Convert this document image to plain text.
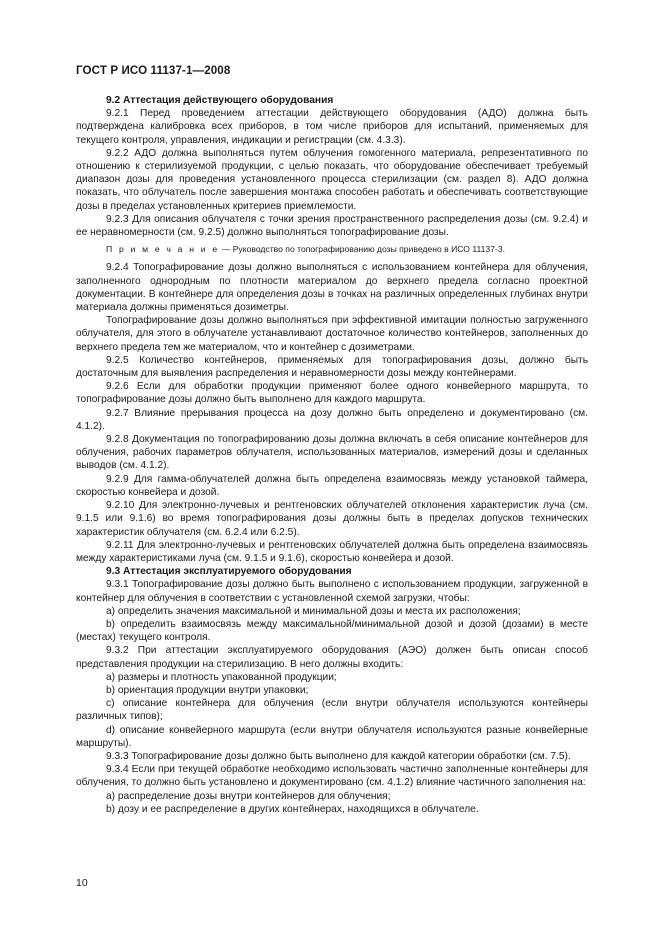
ГОСТ Р ИСО 11137-1—2008

9.2 Аттестация действующего оборудования

9.2.1 Перед проведением аттестации действующего оборудования (АДО) должна быть подтверждена калибровка всех приборов, в том числе приборов для испытаний, применяемых для текущего контроля, управления, индикации и регистрации (см. 4.3.3).

9.2.2 АДО должна выполняться путем облучения гомогенного материала, репрезентативного по отношению к стерилизуемой продукции, с целью показать, что оборудование обеспечивает требуемый диапазон дозы для проведения установленного процесса стерилизации (см. раздел 8). АДО должна показать, что облучатель после завершения монтажа способен работать и обеспечивать соответствующие дозы в пределах установленных критериев приемлемости.

9.2.3 Для описания облучателя с точки зрения пространственного распределения дозы (см. 9.2.4) и ее неравномерности (см. 9.2.5) должно выполняться топографирование дозы.

П р и м е ч а н и е — Руководство по топографированию дозы приведено в ИСО 11137-3.

9.2.4 Топографирование дозы должно выполняться с использованием контейнера для облучения, заполненного однородным по плотности материалом до верхнего предела согласно проектной документации. В контейнере для определения дозы в точках на различных определенных глубинах внутри материала должны применяться дозиметры.

Топографирование дозы должно выполняться при эффективной имитации полностью загруженного облучателя, для этого в облучателе устанавливают достаточное количество контейнеров, заполненных до верхнего предела тем же материалом, что и контейнер с дозиметрами.

9.2.5 Количество контейнеров, применяемых для топографирования дозы, должно быть достаточным для выявления распределения и неравномерности дозы между контейнерами.

9.2.6 Если для обработки продукции применяют более одного конвейерного маршрута, то топографирование дозы должно быть выполнено для каждого маршрута.

9.2.7 Влияние прерывания процесса на дозу должно быть определено и документировано (см. 4.1.2).

9.2.8 Документация по топографированию дозы должна включать в себя описание контейнеров для облучения, рабочих параметров облучателя, использованных материалов, измерений дозы и сделанных выводов (см. 4.1.2).

9.2.9 Для гамма-облучателей должна быть определена взаимосвязь между установкой таймера, скоростью конвейера и дозой.

9.2.10 Для электронно-лучевых и рентгеновских облучателей отклонения характеристик луча (см. 9.1.5 или 9.1.6) во время топографирования дозы должны быть в пределах допусков технических характеристик облучателя (см. 6.2.4 или 6.2.5).

9.2.11 Для электронно-лучевых и рентгеновских облучателей должна быть определена взаимосвязь между характеристиками луча (см. 9.1.5 и 9.1.6), скоростью конвейера и дозой.

9.3 Аттестация эксплуатируемого оборудования

9.3.1 Топографирование дозы должно быть выполнено с использованием продукции, загруженной в контейнер для облучения в соответствии с установленной схемой загрузки, чтобы:

a) определить значения максимальной и минимальной дозы и места их расположения;

b) определить взаимосвязь между максимальной/минимальной дозой и дозой (дозами) в месте (местах) текущего контроля.

9.3.2 При аттестации эксплуатируемого оборудования (АЭО) должен быть описан способ представления продукции на стерилизацию. В него должны входить:

a) размеры и плотность упакованной продукции;

b) ориентация продукции внутри упаковки;

c) описание контейнера для облучения (если внутри облучателя используются контейнеры различных типов);

d) описание конвейерного маршрута (если внутри облучателя используются разные конвейерные маршруты).

9.3.3 Топографирование дозы должно быть выполнено для каждой категории обработки (см. 7.5).

9.3.4 Если при текущей обработке необходимо использовать частично заполненные контейнеры для облучения, то должно быть установлено и документировано (см. 4.1.2) влияние частичного заполнения на:

a) распределение дозы внутри контейнеров для облучения;

b) дозу и ее распределение в других контейнерах, находящихся в облучателе.

10
